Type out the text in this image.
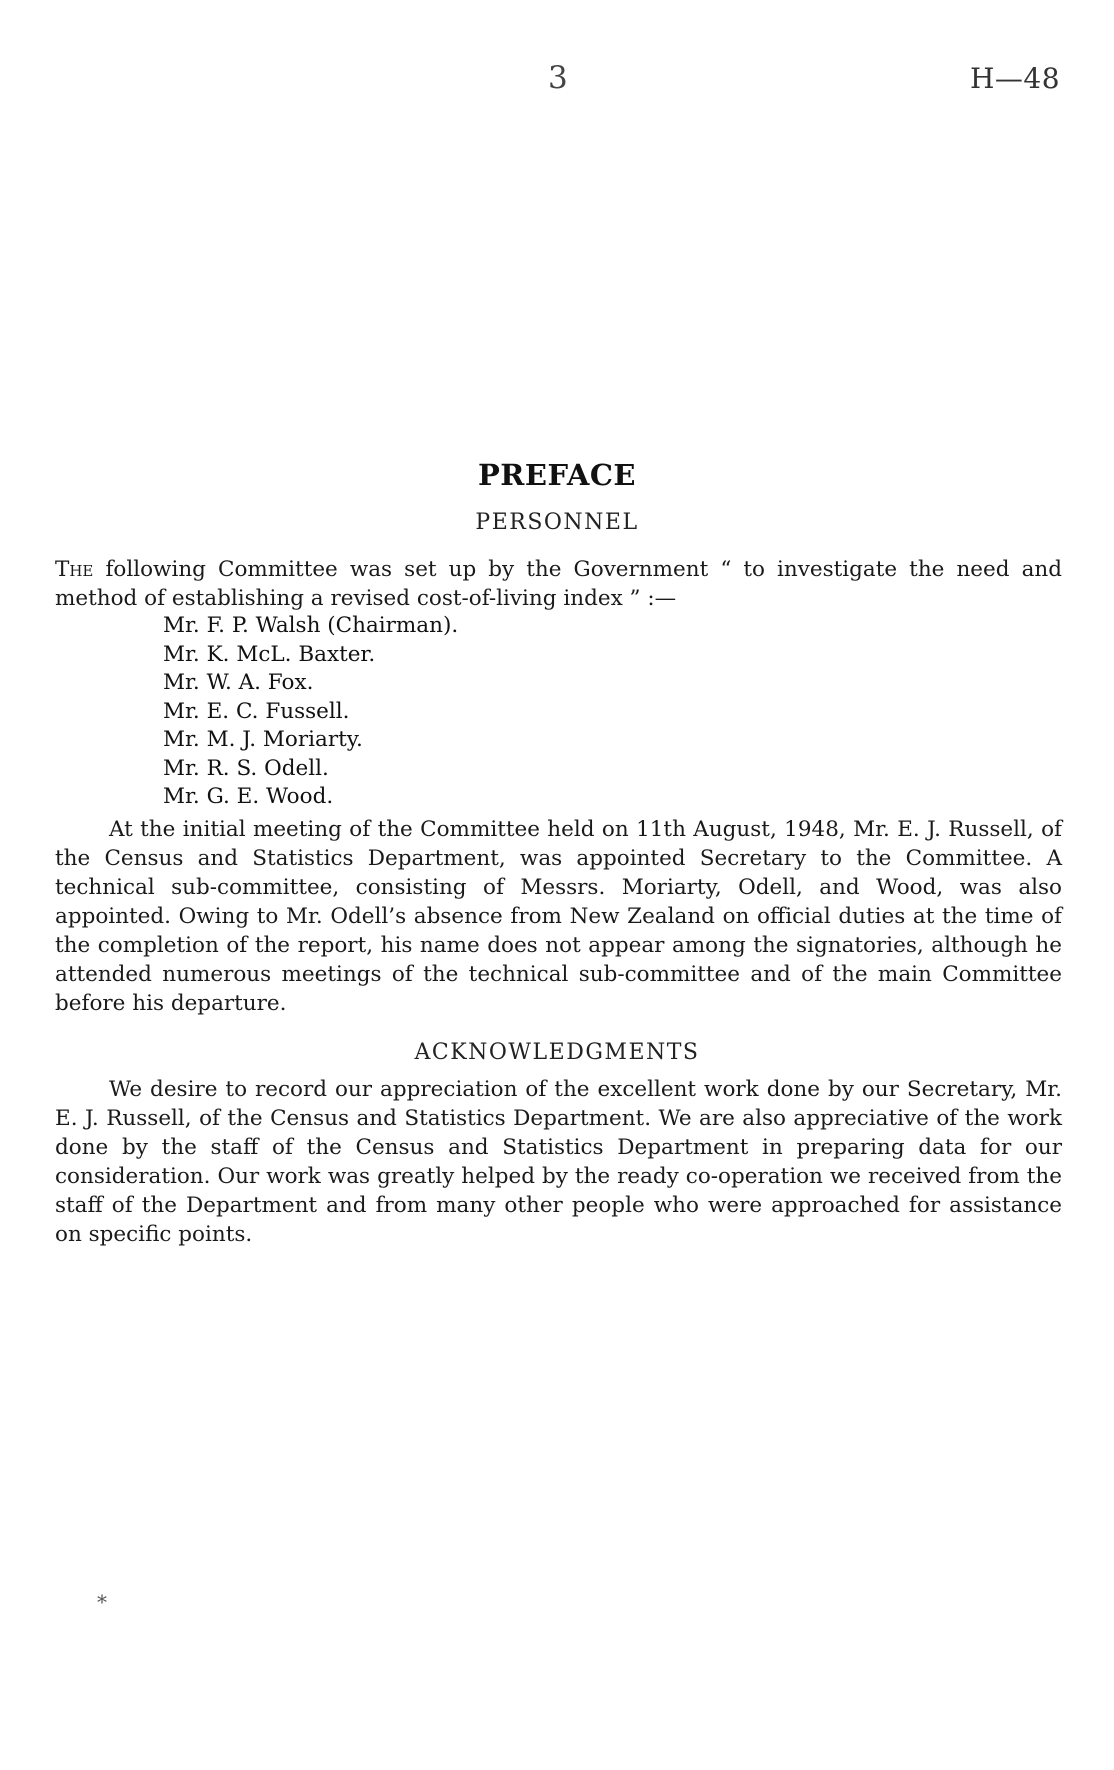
3	H—48
PREFACE
PERSONNEL

The following Committee was set up by the Government “ to investigate the need and method of establishing a revised cost-of-living index ” :—

Mr. F. P. Walsh (Chairman).
Mr. K. McL. Baxter.
Mr. W. A. Fox.
Mr. E. C. Fussell.
Mr. M. J. Moriarty.
Mr. R. S. Odell.
Mr. G. E. Wood.

At the initial meeting of the Committee held on 11th August, 1948, Mr. E. J. Russell, of the Census and Statistics Department, was appointed Secretary to the Committee. A technical sub-committee, consisting of Messrs. Moriarty, Odell, and Wood, was also appointed. Owing to Mr. Odell’s absence from New Zealand on official duties at the time of the completion of the report, his name does not appear among the signatories, although he attended numerous meetings of the technical sub-committee and of the main Committee before his departure.

ACKNOWLEDGMENTS

We desire to record our appreciation of the excellent work done by our Secretary, Mr. E. J. Russell, of the Census and Statistics Department. We are also appreciative of the work done by the staff of the Census and Statistics Department in preparing data for our consideration. Our work was greatly helped by the ready co-operation we received from the staff of the Department and from many other people who were approached for assistance on specific points.

*
